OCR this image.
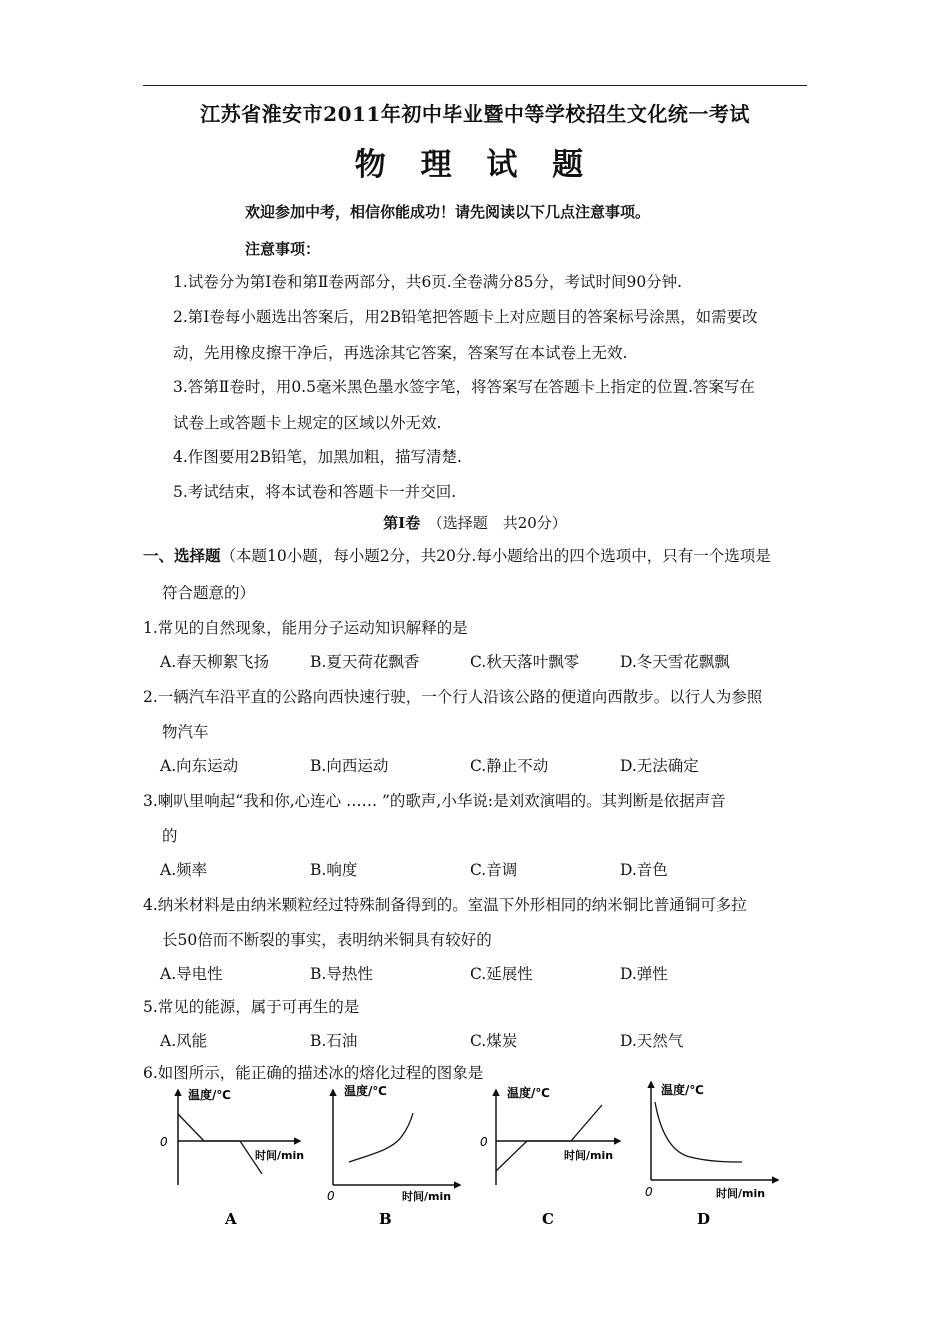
江苏省淮安市2011年初中毕业暨中等学校招生文化统一考试
物 理 试 题
欢迎参加中考，相信你能成功！请先阅读以下几点注意事项。
注意事项：
1.试卷分为第Ⅰ卷和第Ⅱ卷两部分，共6页.全卷满分85分，考试时间90分钟.
2.第Ⅰ卷每小题选出答案后，用2B铅笔把答题卡上对应题目的答案标号涂黑，如需要改
动，先用橡皮擦干净后，再选涂其它答案，答案写在本试卷上无效.
3.答第Ⅱ卷时，用0.5毫米黑色墨水签字笔，将答案写在答题卡上指定的位置.答案写在
试卷上或答题卡上规定的区域以外无效.
4.作图要用2B铅笔，加黑加粗，描写清楚.
5.考试结束，将本试卷和答题卡一并交回.
第Ⅰ卷　 （选择题　共20分）
一、选择题（本题10小题，每小题2分，共20分.每小题给出的四个选项中，只有一个选项是
符合题意的）
1.常见的自然现象，能用分子运动知识解释的是
A.春天柳絮飞扬	B.夏天荷花飘香	C.秋天落叶飘零	D.冬天雪花飘飘
2.一辆汽车沿平直的公路向西快速行驶，一个行人沿该公路的便道向西散步。以行人为参照
物汽车
A.向东运动	B.向西运动	C.静止不动	D.无法确定
3.喇叭里响起“我和你,心连心 …… ”的歌声,小华说:是刘欢演唱的。其判断是依据声音
的
A.频率	B.响度	C.音调	D.音色
4.纳米材料是由纳米颗粒经过特殊制备得到的。室温下外形相同的纳米铜比普通铜可多拉
长50倍而不断裂的事实，表明纳米铜具有较好的
A.导电性	B.导热性	C.延展性	D.弹性
5.常见的能源，属于可再生的是
A.风能	B.石油	C.煤炭	D.天然气
6.如图所示，能正确的描述冰的熔化过程的图象是
温度/℃
0
时间/min
A
温度/℃
0	时间/min
B
温度/℃
0
时间/min
C
温度/℃
0	时间/min
D
